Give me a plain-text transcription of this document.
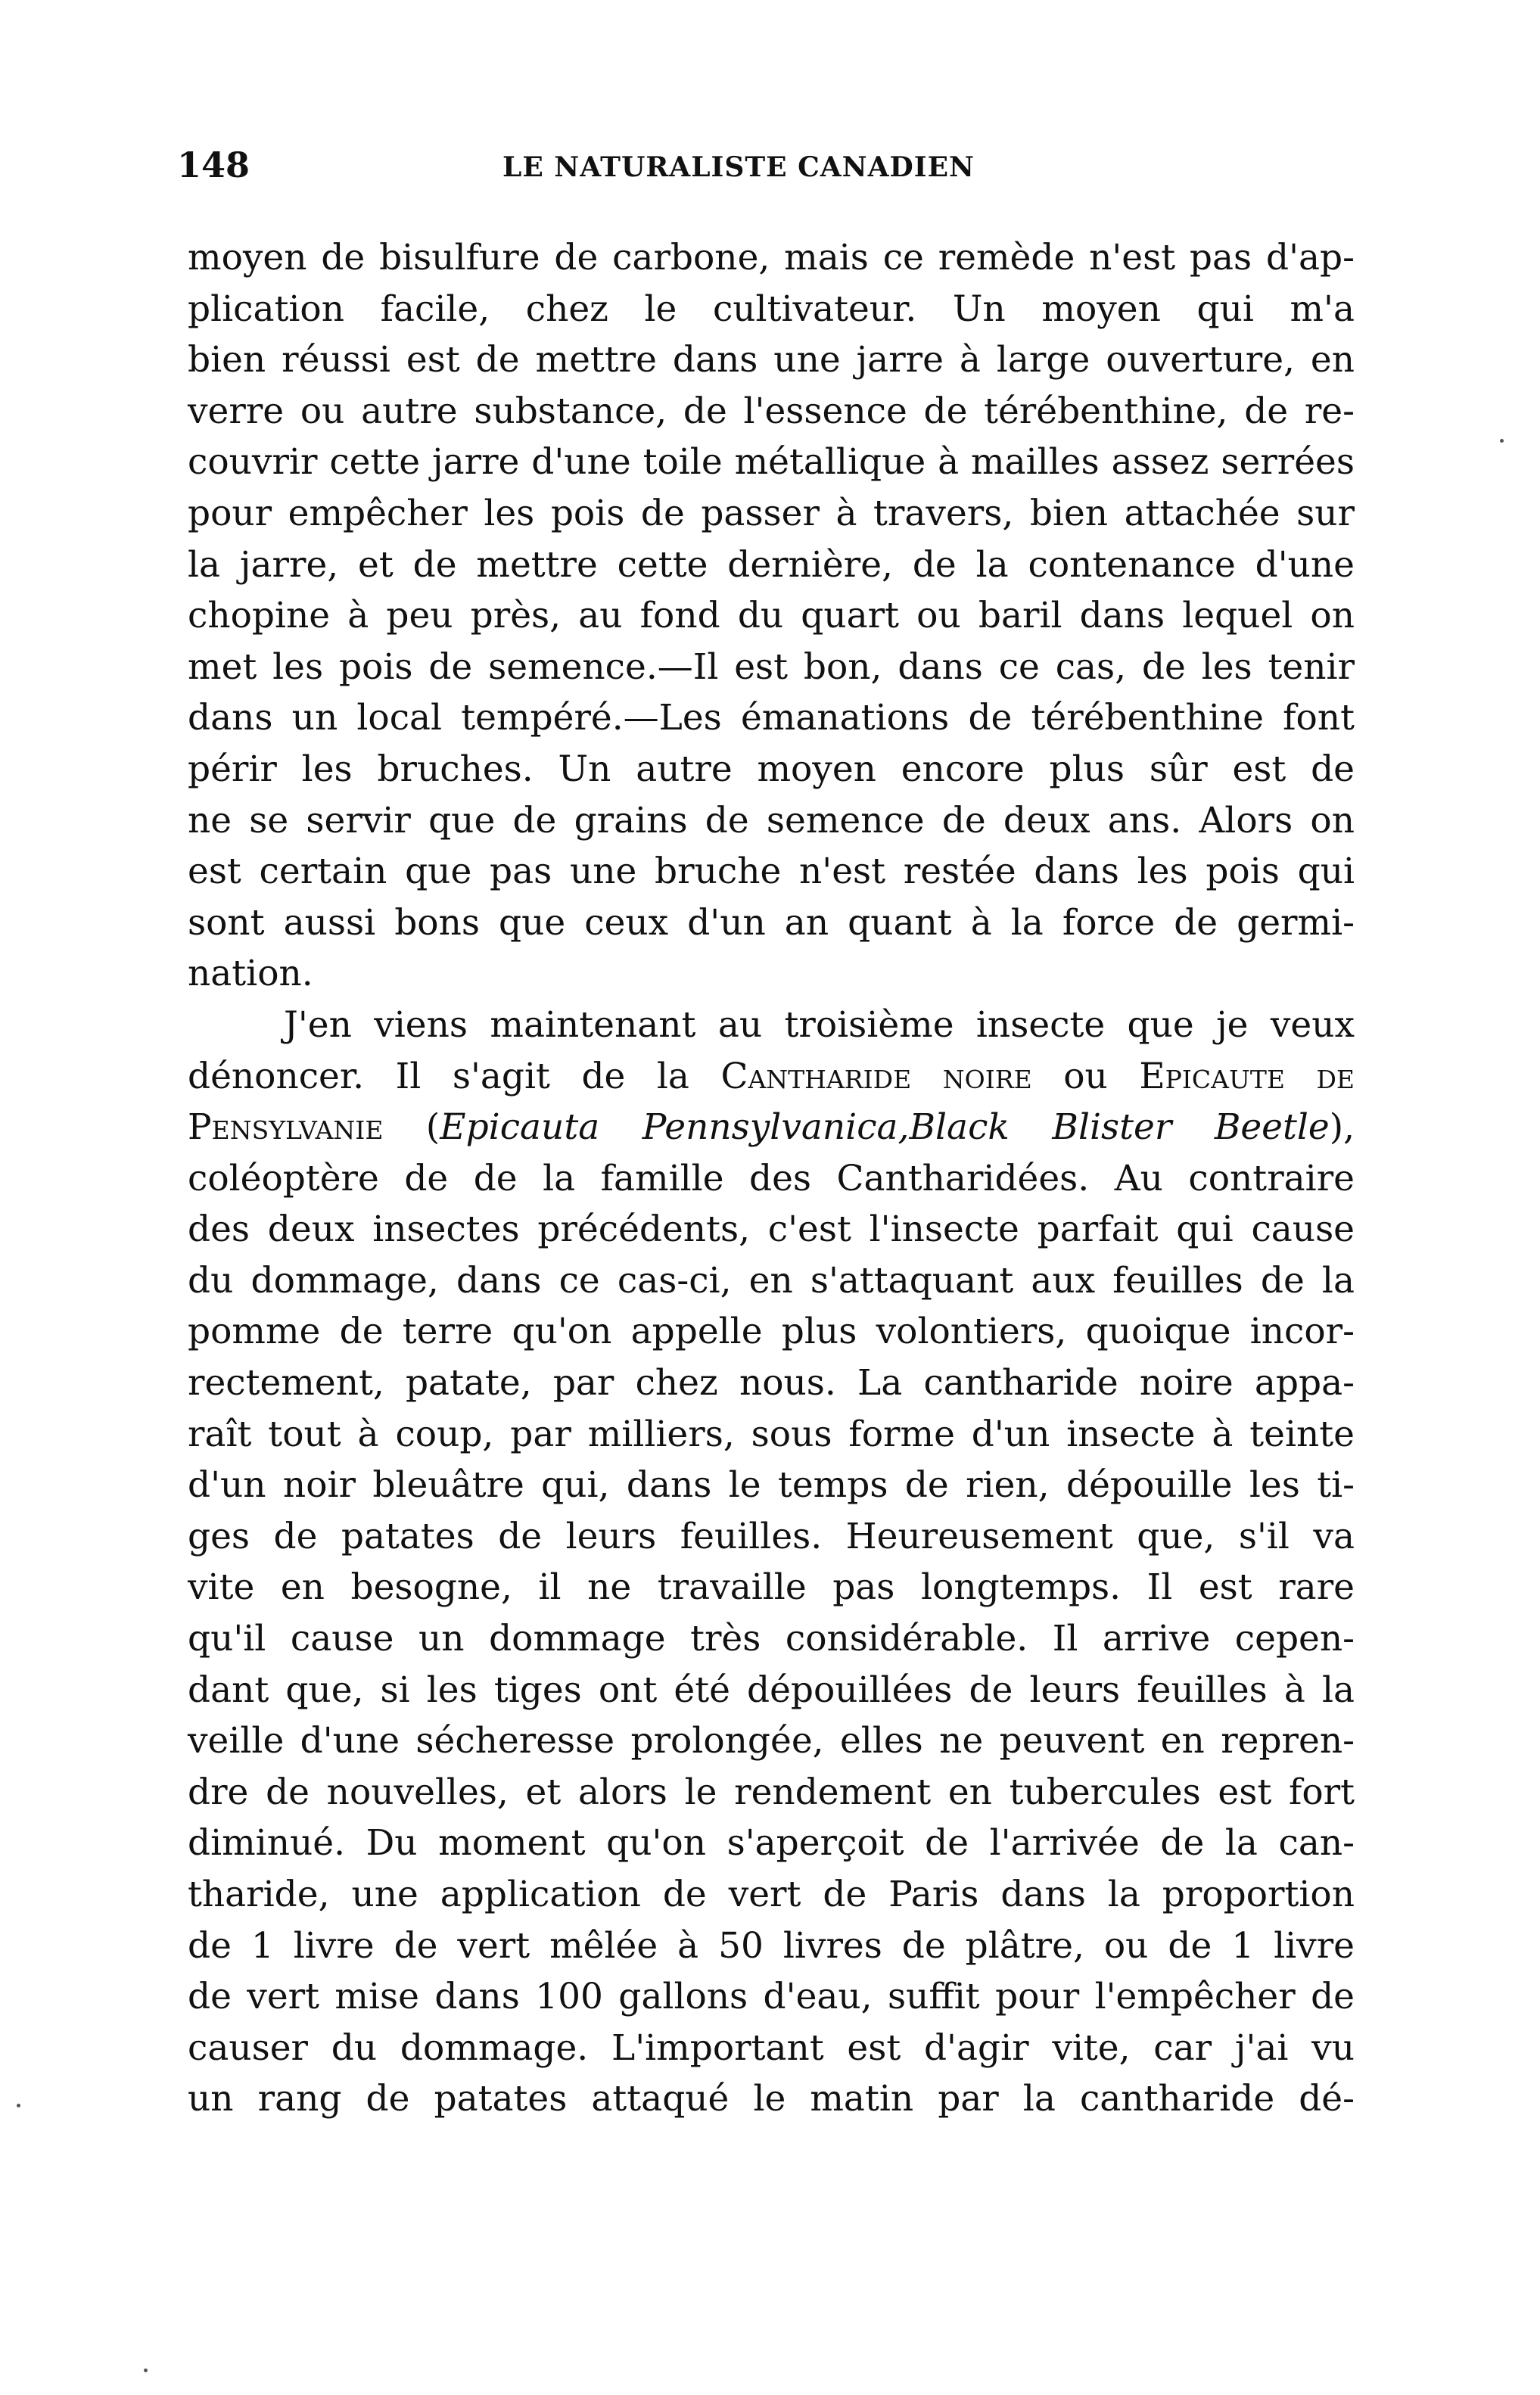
148	LE NATURALISTE CANADIEN
moyen de bisulfure de carbone, mais ce remède n'est pas d'ap-
plication facile, chez le cultivateur. Un moyen qui m'a
bien réussi est de mettre dans une jarre à large ouverture, en
verre ou autre substance, de l'essence de térébenthine, de re-
couvrir cette jarre d'une toile métallique à mailles assez serrées
pour empêcher les pois de passer à travers, bien attachée sur
la jarre, et de mettre cette dernière, de la contenance d'une
chopine à peu près, au fond du quart ou baril dans lequel on
met les pois de semence.—Il est bon, dans ce cas, de les tenir
dans un local tempéré.—Les émanations de térébenthine font
périr les bruches. Un autre moyen encore plus sûr est de
ne se servir que de grains de semence de deux ans. Alors on
est certain que pas une bruche n'est restée dans les pois qui
sont aussi bons que ceux d'un an quant à la force de germi-
nation.
J'en viens maintenant au troisième insecte que je veux
dénoncer. Il s'agit de la Cantharide noire ou Epicaute de
Pensylvanie (Epicauta Pennsylvanica,Black Blister Beetle),
coléoptère de de la famille des Cantharidées. Au contraire
des deux insectes précédents, c'est l'insecte parfait qui cause
du dommage, dans ce cas-ci, en s'attaquant aux feuilles de la
pomme de terre qu'on appelle plus volontiers, quoique incor-
rectement, patate, par chez nous. La cantharide noire appa-
raît tout à coup, par milliers, sous forme d'un insecte à teinte
d'un noir bleuâtre qui, dans le temps de rien, dépouille les ti-
ges de patates de leurs feuilles. Heureusement que, s'il va
vite en besogne, il ne travaille pas longtemps. Il est rare
qu'il cause un dommage très considérable. Il arrive cepen-
dant que, si les tiges ont été dépouillées de leurs feuilles à la
veille d'une sécheresse prolongée, elles ne peuvent en repren-
dre de nouvelles, et alors le rendement en tubercules est fort
diminué. Du moment qu'on s'aperçoit de l'arrivée de la can-
tharide, une application de vert de Paris dans la proportion
de 1 livre de vert mêlée à 50 livres de plâtre, ou de 1 livre
de vert mise dans 100 gallons d'eau, suffit pour l'empêcher de
causer du dommage. L'important est d'agir vite, car j'ai vu
un rang de patates attaqué le matin par la cantharide dé-
